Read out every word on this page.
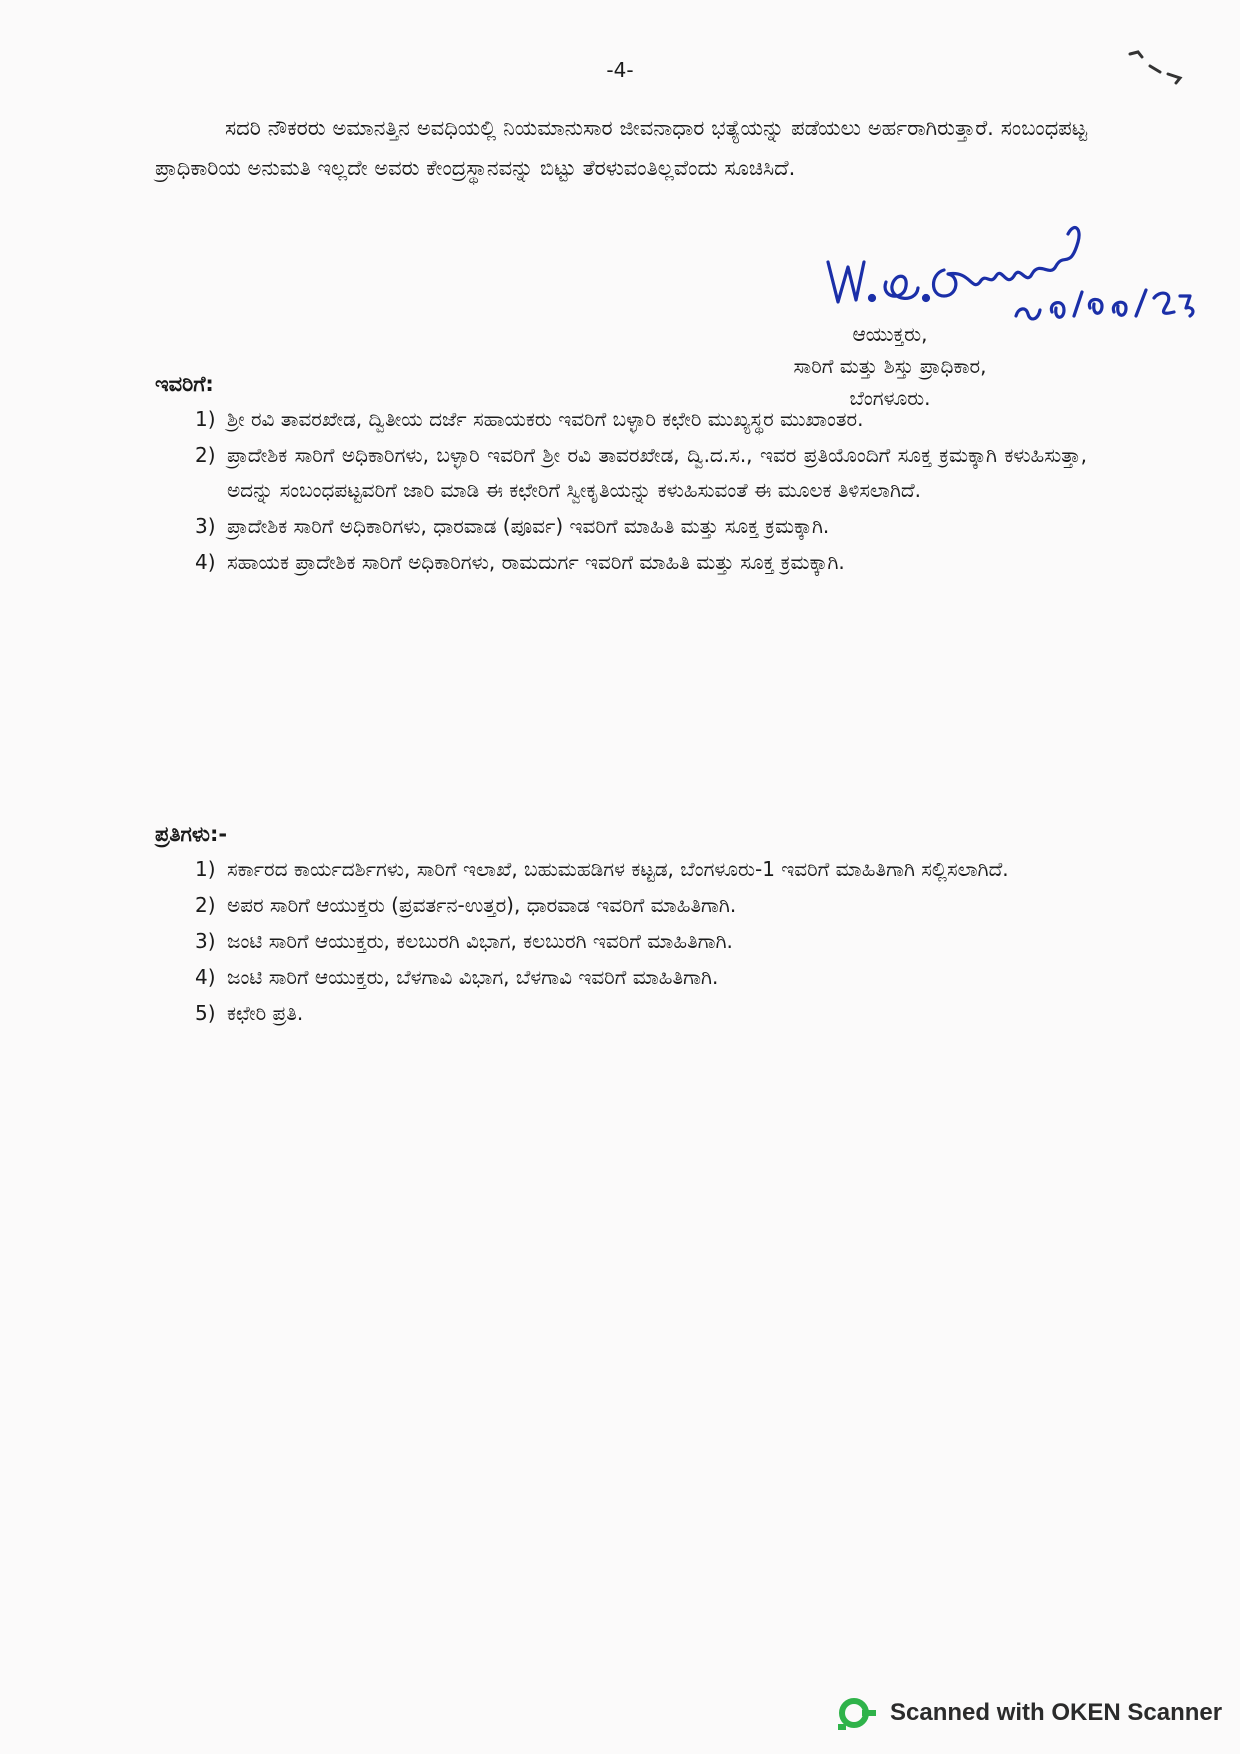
-4-

ಸದರಿ ನೌಕರರು ಅಮಾನತ್ತಿನ ಅವಧಿಯಲ್ಲಿ ನಿಯಮಾನುಸಾರ ಜೀವನಾಧಾರ ಭತ್ಯೆಯನ್ನು ಪಡೆಯಲು ಅರ್ಹರಾಗಿರುತ್ತಾರೆ. ಸಂಬಂಧಪಟ್ಟ ಪ್ರಾಧಿಕಾರಿಯ ಅನುಮತಿ ಇಲ್ಲದೇ ಅವರು ಕೇಂದ್ರಸ್ಥಾನವನ್ನು ಬಿಟ್ಟು ತೆರಳುವಂತಿಲ್ಲವೆಂದು ಸೂಚಿಸಿದೆ.

ಆಯುಕ್ತರು,
ಸಾರಿಗೆ ಮತ್ತು ಶಿಸ್ತು ಪ್ರಾಧಿಕಾರ,
ಬೆಂಗಳೂರು.
ಇವರಿಗೆ:
1) ಶ್ರೀ ರವಿ ತಾವರಖೇಡ, ದ್ವಿತೀಯ ದರ್ಜೆ ಸಹಾಯಕರು ಇವರಿಗೆ ಬಳ್ಳಾರಿ ಕಛೇರಿ ಮುಖ್ಯಸ್ಥರ ಮುಖಾಂತರ.
2) ಪ್ರಾದೇಶಿಕ ಸಾರಿಗೆ ಅಧಿಕಾರಿಗಳು, ಬಳ್ಳಾರಿ ಇವರಿಗೆ ಶ್ರೀ ರವಿ ತಾವರಖೇಡ, ದ್ವಿ.ದ.ಸ., ಇವರ ಪ್ರತಿಯೊಂದಿಗೆ ಸೂಕ್ತ ಕ್ರಮಕ್ಕಾಗಿ ಕಳುಹಿಸುತ್ತಾ, ಅದನ್ನು ಸಂಬಂಧಪಟ್ಟವರಿಗೆ ಜಾರಿ ಮಾಡಿ ಈ ಕಛೇರಿಗೆ ಸ್ವೀಕೃತಿಯನ್ನು ಕಳುಹಿಸುವಂತೆ ಈ ಮೂಲಕ ತಿಳಿಸಲಾಗಿದೆ.
3) ಪ್ರಾದೇಶಿಕ ಸಾರಿಗೆ ಅಧಿಕಾರಿಗಳು, ಧಾರವಾಡ (ಪೂರ್ವ) ಇವರಿಗೆ ಮಾಹಿತಿ ಮತ್ತು ಸೂಕ್ತ ಕ್ರಮಕ್ಕಾಗಿ.
4) ಸಹಾಯಕ ಪ್ರಾದೇಶಿಕ ಸಾರಿಗೆ ಅಧಿಕಾರಿಗಳು, ರಾಮದುರ್ಗ ಇವರಿಗೆ ಮಾಹಿತಿ ಮತ್ತು ಸೂಕ್ತ ಕ್ರಮಕ್ಕಾಗಿ.
ಪ್ರತಿಗಳು:-
1) ಸರ್ಕಾರದ ಕಾರ್ಯದರ್ಶಿಗಳು, ಸಾರಿಗೆ ಇಲಾಖೆ, ಬಹುಮಹಡಿಗಳ ಕಟ್ಟಡ, ಬೆಂಗಳೂರು-1 ಇವರಿಗೆ ಮಾಹಿತಿಗಾಗಿ ಸಲ್ಲಿಸಲಾಗಿದೆ.
2) ಅಪರ ಸಾರಿಗೆ ಆಯುಕ್ತರು (ಪ್ರವರ್ತನ-ಉತ್ತರ), ಧಾರವಾಡ ಇವರಿಗೆ ಮಾಹಿತಿಗಾಗಿ.
3) ಜಂಟಿ ಸಾರಿಗೆ ಆಯುಕ್ತರು, ಕಲಬುರಗಿ ವಿಭಾಗ, ಕಲಬುರಗಿ ಇವರಿಗೆ ಮಾಹಿತಿಗಾಗಿ.
4) ಜಂಟಿ ಸಾರಿಗೆ ಆಯುಕ್ತರು, ಬೆಳಗಾವಿ ವಿಭಾಗ, ಬೆಳಗಾವಿ ಇವರಿಗೆ ಮಾಹಿತಿಗಾಗಿ.
5) ಕಛೇರಿ ಪ್ರತಿ.
Scanned with OKEN Scanner
